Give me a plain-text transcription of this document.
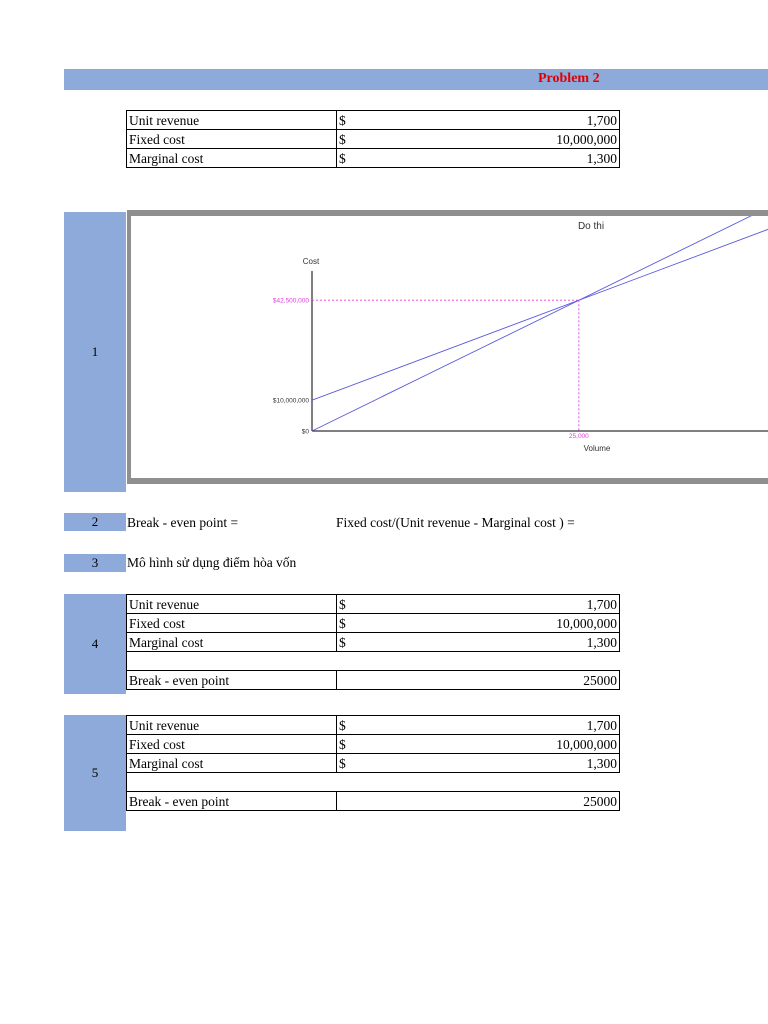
Problem 2
Unit revenue	$ 1,700

Fixed cost	$ 10,000,000

Marginal cost	$ 1,300
1
Do thi
Cost
Volume
$42,500,000
$10,000,000
$0
25,000
2	Break - even point =	Fixed cost/(Unit revenue - Marginal cost ) =
3	Mô hình sử dụng điểm hòa vốn
4
Unit revenue	$ 1,700

Fixed cost	$ 10,000,000

Marginal cost	$ 1,300

Break - even point	25000
5
Unit revenue	$ 1,700

Fixed cost	$ 10,000,000

Marginal cost	$ 1,300

Break - even point	25000
